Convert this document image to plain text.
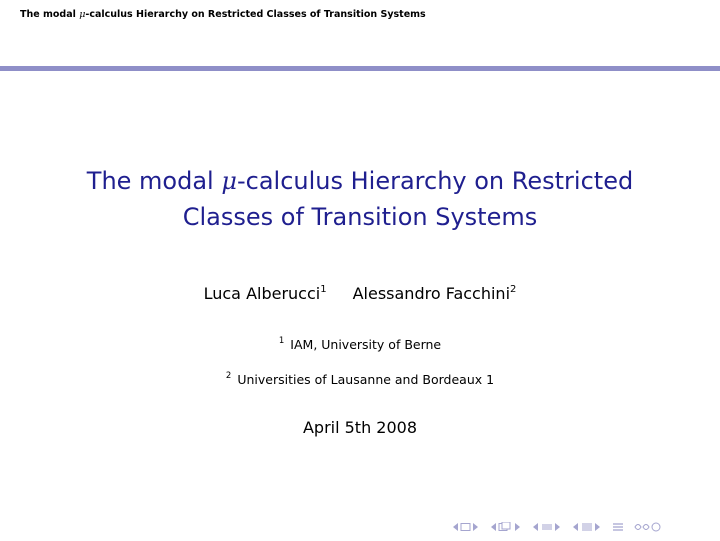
The modal μ-calculus Hierarchy on Restricted Classes of Transition Systems
The modal μ-calculus Hierarchy on Restricted
Classes of Transition Systems
Luca Alberucci$^1$ Alessandro Facchini$^2$
$^1$ IAM, University of Berne
$^2$ Universities of Lausanne and Bordeaux 1
April 5th 2008
